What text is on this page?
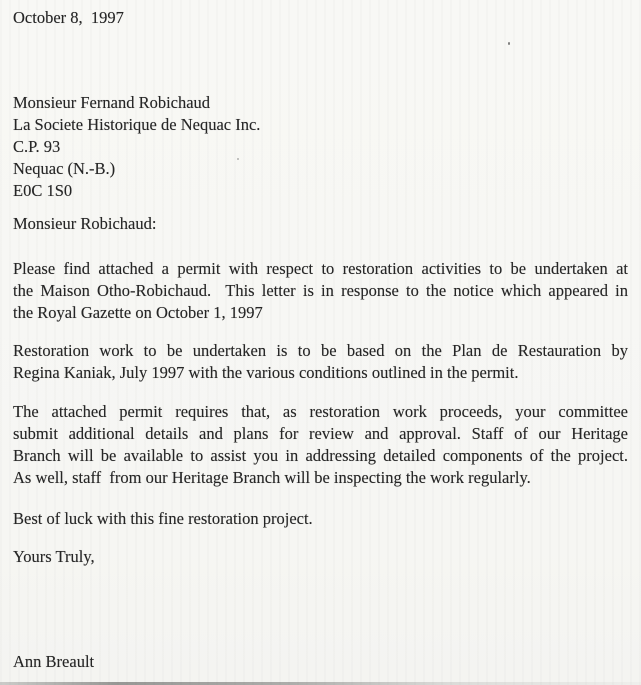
October 8,  1997
Monsieur Fernand Robichaud
La Societe Historique de Nequac Inc.
C.P. 93
Nequac (N.-B.)
E0C 1S0
Monsieur Robichaud:
Please find attached a permit with respect to restoration activities to be undertaken at
the Maison Otho-Robichaud.  This letter is in response to the notice which appeared in
the Royal Gazette on October 1, 1997
Restoration work to be undertaken is to be based on the Plan de Restauration by
Regina Kaniak, July 1997 with the various conditions outlined in the permit.
The attached permit requires that, as restoration work proceeds, your committee
submit additional details and plans for review and approval. Staff of our Heritage
Branch will be available to assist you in addressing detailed components of the project.
As well, staff  from our Heritage Branch will be inspecting the work regularly.
Best of luck with this fine restoration project.
Yours Truly,
Ann Breault
